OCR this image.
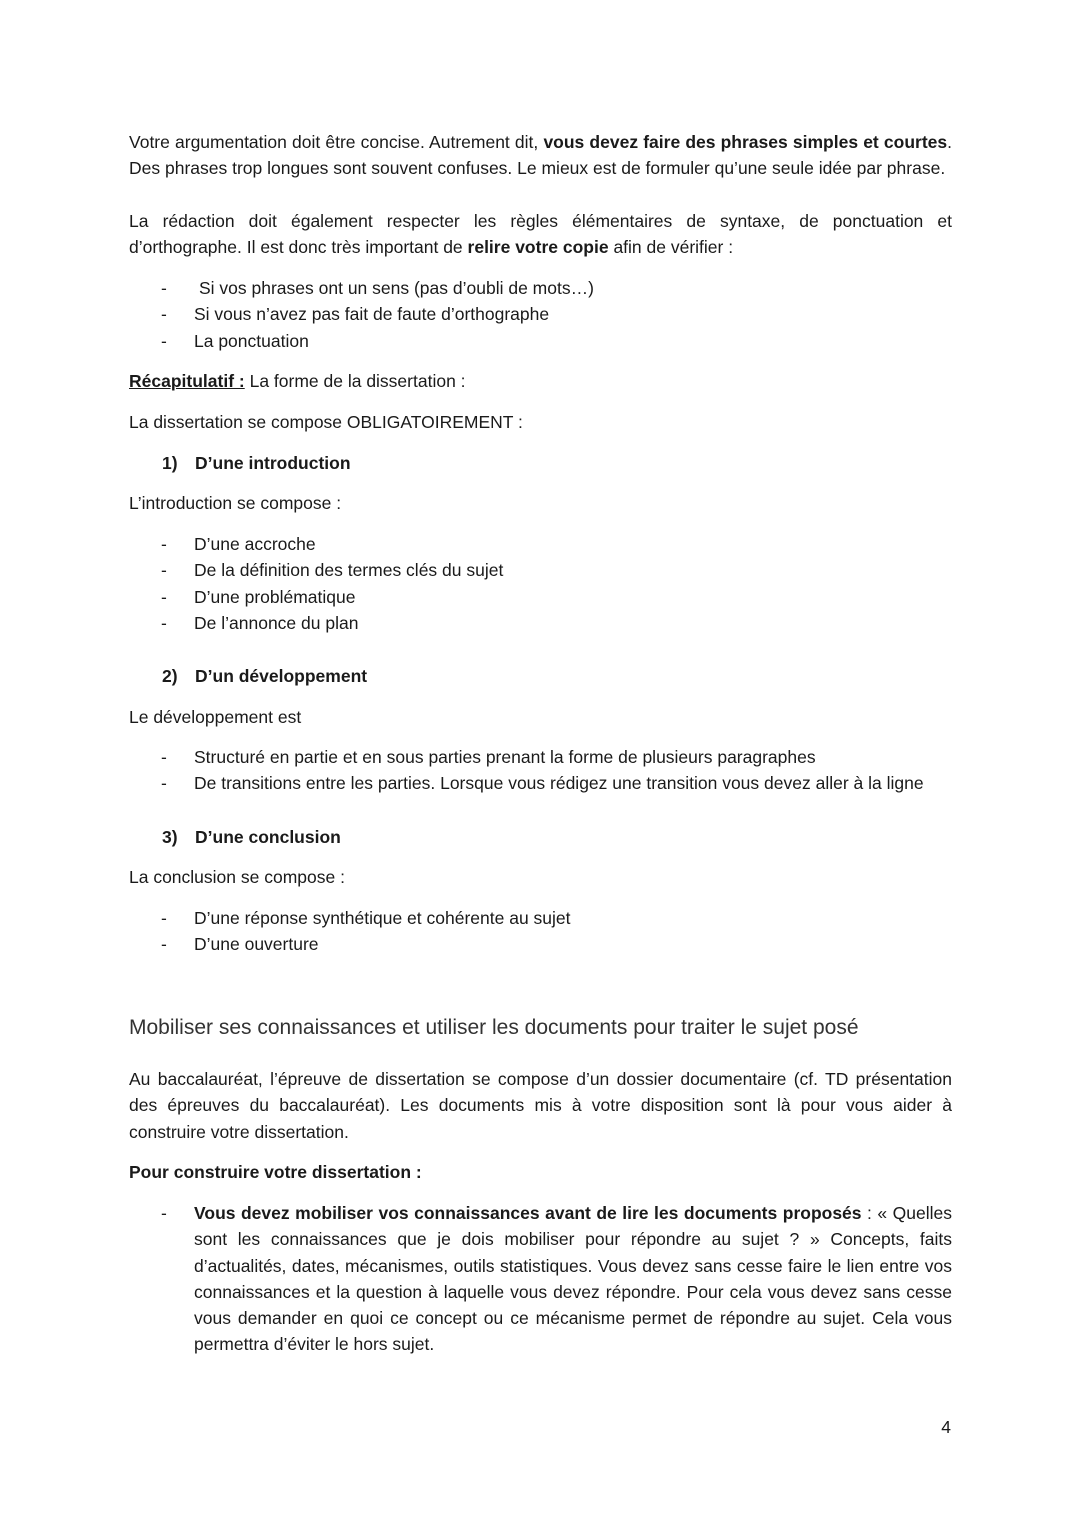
Votre argumentation doit être concise. Autrement dit, vous devez faire des phrases simples et courtes. Des phrases trop longues sont souvent confuses. Le mieux est de formuler qu’une seule idée par phrase.

La rédaction doit également respecter les règles élémentaires de syntaxe, de ponctuation et d’orthographe. Il est donc très important de relire votre copie afin de vérifier :

- Si vos phrases ont un sens (pas d’oubli de mots…)
- Si vous n’avez pas fait de faute d’orthographe
- La ponctuation

Récapitulatif : La forme de la dissertation :

La dissertation se compose OBLIGATOIREMENT :

1) D’une introduction

L’introduction se compose :

- D’une accroche
- De la définition des termes clés du sujet
- D’une problématique
- De l’annonce du plan

2) D’un développement

Le développement est

- Structuré en partie et en sous parties prenant la forme de plusieurs paragraphes
- De transitions entre les parties. Lorsque vous rédigez une transition vous devez aller à la ligne

3) D’une conclusion

La conclusion se compose :

- D’une réponse synthétique et cohérente au sujet
- D’une ouverture
Mobiliser ses connaissances et utiliser les documents pour traiter le sujet posé

Au baccalauréat, l’épreuve de dissertation se compose d’un dossier documentaire (cf. TD présentation des épreuves du baccalauréat). Les documents mis à votre disposition sont là pour vous aider à construire votre dissertation.

Pour construire votre dissertation :

- Vous devez mobiliser vos connaissances avant de lire les documents proposés : « Quelles sont les connaissances que je dois mobiliser pour répondre au sujet ? » Concepts, faits d’actualités, dates, mécanismes, outils statistiques. Vous devez sans cesse faire le lien entre vos connaissances et la question à laquelle vous devez répondre. Pour cela vous devez sans cesse vous demander en quoi ce concept ou ce mécanisme permet de répondre au sujet. Cela vous permettra d’éviter le hors sujet.
4
